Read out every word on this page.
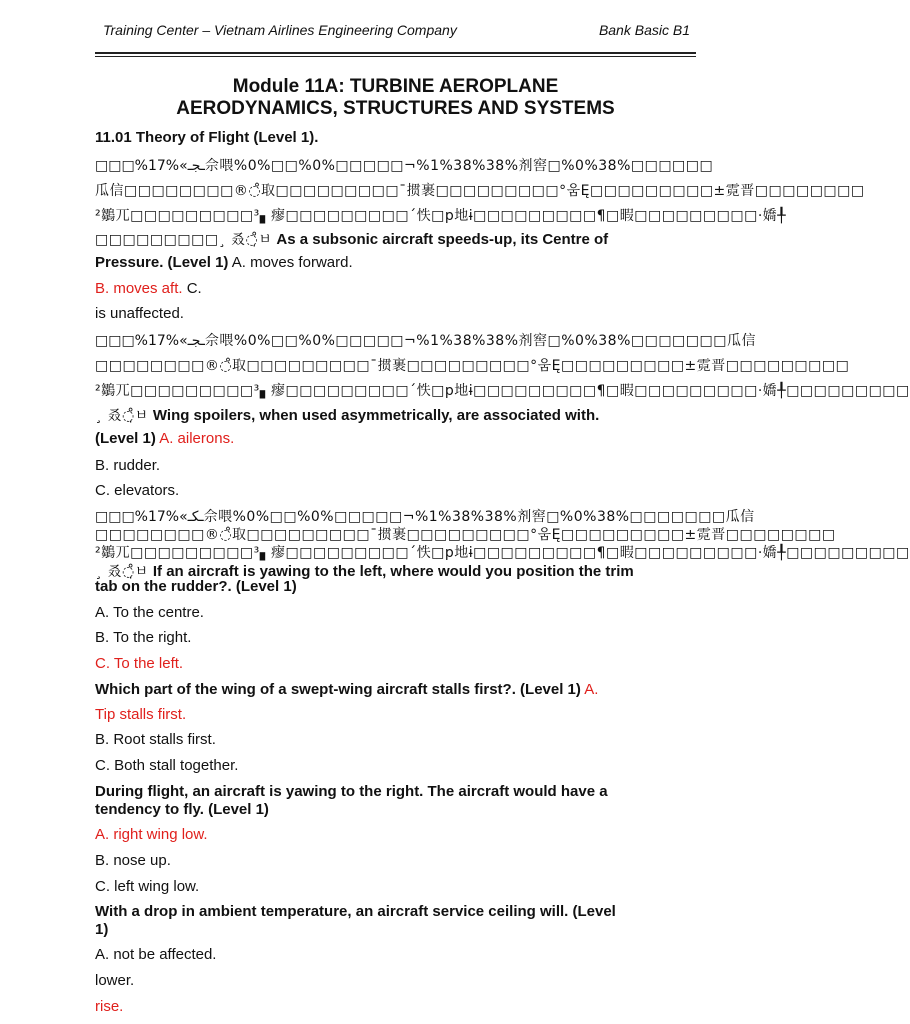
Training Center – Vietnam Airlines Engineering Company	Bank Basic B1
Module 11A: TURBINE AEROPLANE
AERODYNAMICS, STRUCTURES AND SYSTEMS
11.01 Theory of Flight (Level 1).
□□□%17%«ـجـ佘喂%0%□□%0%□□□□□¬%1%38%38%剂窖□%0%38%□□□□□□
瓜信□□□□□□□□®◌̊取□□□□□□□□□¯掼裹□□□□□□□□□°움Ę□□□□□□□□□±霓晋□□□□□□□□
²鶵兀□□□□□□□□□³▖瘳□□□□□□□□□´怢□p地ɨ□□□□□□□□□¶□暇□□□□□□□□□·嬌╀
□□□□□□□□□¸ 叒◌̣̊ㅂ As a subsonic aircraft speeds-up, its Centre of
Pressure. (Level 1) A. moves forward.
B. moves aft. C.
is unaffected.
□□□%17%«ـجـ佘喂%0%□□%0%□□□□□¬%1%38%38%剂窖□%0%38%□□□□□□□瓜信
□□□□□□□□®◌̊取□□□□□□□□□¯掼裹□□□□□□□□□°움Ę□□□□□□□□□±霓晋□□□□□□□□□
²鶵兀□□□□□□□□□³▖瘳□□□□□□□□□´怢□p地ɨ□□□□□□□□□¶□暇□□□□□□□□□·嬌╀□□□□□□□□□
¸ 叒◌̣̊ㅂ Wing spoilers, when used asymmetrically, are associated with.
(Level 1) A. ailerons.
B. rudder.
C. elevators.
□□□%17%«ـكـ佘喂%0%□□%0%□□□□□¬%1%38%38%剂窖□%0%38%□□□□□□□瓜信
□□□□□□□□®◌̊取□□□□□□□□□¯掼裹□□□□□□□□□°움Ę□□□□□□□□□±霓晋□□□□□□□□
²鶵兀□□□□□□□□□³▖瘳□□□□□□□□□´怢□p地ɨ□□□□□□□□□¶□暇□□□□□□□□□·嬌╀□□□□□□□□□
¸ 叒◌̣̊ㅂ If an aircraft is yawing to the left, where would you position the trim
tab on the rudder?. (Level 1)
A. To the centre.
B. To the right.
C. To the left.
Which part of the wing of a swept-wing aircraft stalls first?. (Level 1) A.
Tip stalls first.
B. Root stalls first.
C. Both stall together.
During flight, an aircraft is yawing to the right. The aircraft would have a
tendency to fly. (Level 1)
A. right wing low.
B. nose up.
C. left wing low.
With a drop in ambient temperature, an aircraft service ceiling will. (Level
1)
A. not be affected.
lower.
rise.
